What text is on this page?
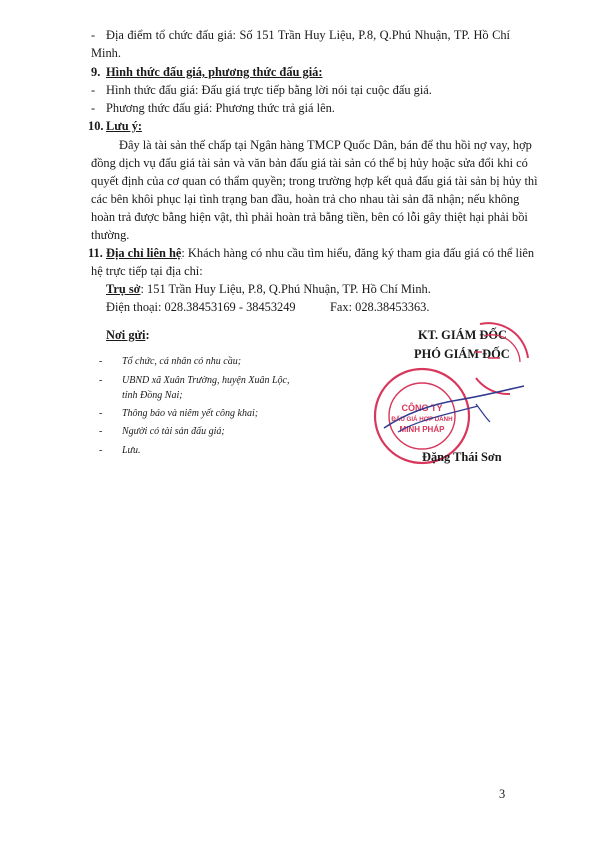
- Địa điểm tổ chức đấu giá: Số 151 Trần Huy Liệu, P.8, Q.Phú Nhuận, TP. Hồ Chí
Minh.
9. Hình thức đấu giá, phương thức đấu giá:
- Hình thức đấu giá: Đấu giá trực tiếp bằng lời nói tại cuộc đấu giá.
- Phương thức đấu giá: Phương thức trả giá lên.
10. Lưu ý:
Đây là tài sản thế chấp tại Ngân hàng TMCP Quốc Dân, bán để thu hồi nợ vay, hợp
đồng dịch vụ đấu giá tài sản và văn bản đấu giá tài sản có thể bị hủy hoặc sửa đổi khi có
quyết định của cơ quan có thẩm quyền; trong trường hợp kết quả đấu giá tài sản bị hủy thì
các bên khôi phục lại tình trạng ban đầu, hoàn trả cho nhau tài sản đã nhận; nếu không
hoàn trả được bằng hiện vật, thì phải hoàn trả bằng tiền, bên có lỗi gây thiệt hại phải bồi
thường.
11. Địa chỉ liên hệ: Khách hàng có nhu cầu tìm hiểu, đăng ký tham gia đấu giá có thể liên
hệ trực tiếp tại địa chỉ:
Trụ sở: 151 Trần Huy Liệu, P.8, Q.Phú Nhuận, TP. Hồ Chí Minh.
Điện thoại: 028.38453169 - 38453249	Fax: 028.38453363.
Nơi gửi:
- Tổ chức, cá nhân có nhu cầu;
- UBND xã Xuân Trường, huyện Xuân Lộc,
tỉnh Đồng Nai;
- Thông báo và niêm yết công khai;
- Người có tài sản đấu giá;
- Lưu.
KT. GIÁM ĐỐC
PHÓ GIÁM ĐỐC
CÔNG TY
ĐẤU GIÁ HỢP DANH
MINH PHÁP
Đặng Thái Sơn
3
